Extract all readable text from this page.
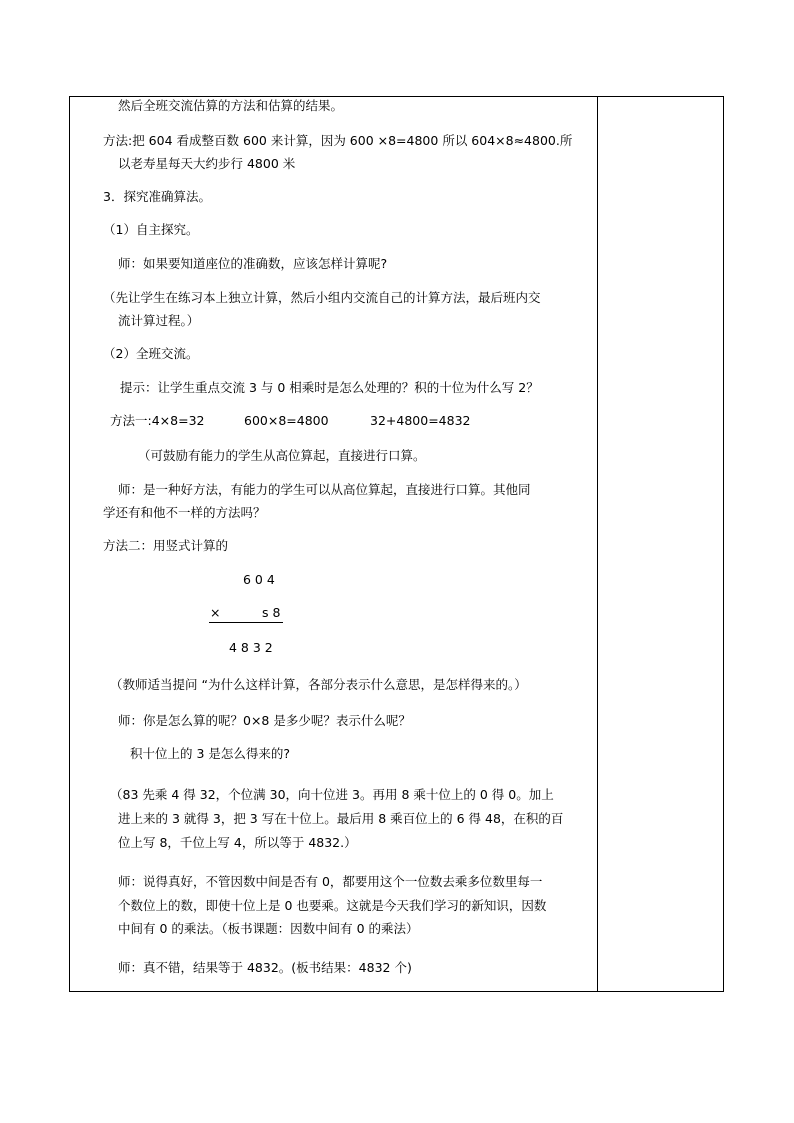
然后全班交流估算的方法和估算的结果。
方法:把 604 看成整百数 600 来计算，因为 600 ×8=4800 所以 604×8≈4800.所
以老寿星每天大约步行 4800 米
3．探究准确算法。
（1）自主探究。
师：如果要知道座位的准确数，应该怎样计算呢?
（先让学生在练习本上独立计算，然后小组内交流自己的计算方法，最后班内交
流计算过程。）
（2）全班交流。
提示：让学生重点交流 3 与 0 相乘时是怎么处理的？积的十位为什么写 2？
方法一:4×8=32	600×8=4800	32+4800=4832
（可鼓励有能力的学生从高位算起，直接进行口算。
师：是一种好方法，有能力的学生可以从高位算起，直接进行口算。其他同
学还有和他不一样的方法吗？
方法二：用竖式计算的
6 0 4
×	s 8
4 8 3 2
（教师适当提问 “为什么这样计算，各部分表示什么意思，是怎样得来的。）
师：你是怎么算的呢？0×8 是多少呢？表示什么呢？
积十位上的 3 是怎么得来的?
（83 先乘 4 得 32，个位满 30，向十位进 3。再用 8 乘十位上的 0 得 0。加上
进上来的 3 就得 3，把 3 写在十位上。最后用 8 乘百位上的 6 得 48，在积的百
位上写 8，千位上写 4，所以等于 4832.）
师：说得真好，不管因数中间是否有 0，都要用这个一位数去乘多位数里每一
个数位上的数，即使十位上是 0 也要乘。这就是今天我们学习的新知识，因数
中间有 0 的乘法。（板书课题：因数中间有 0 的乘法）
师：真不错，结果等于 4832。(板书结果：4832 个)
